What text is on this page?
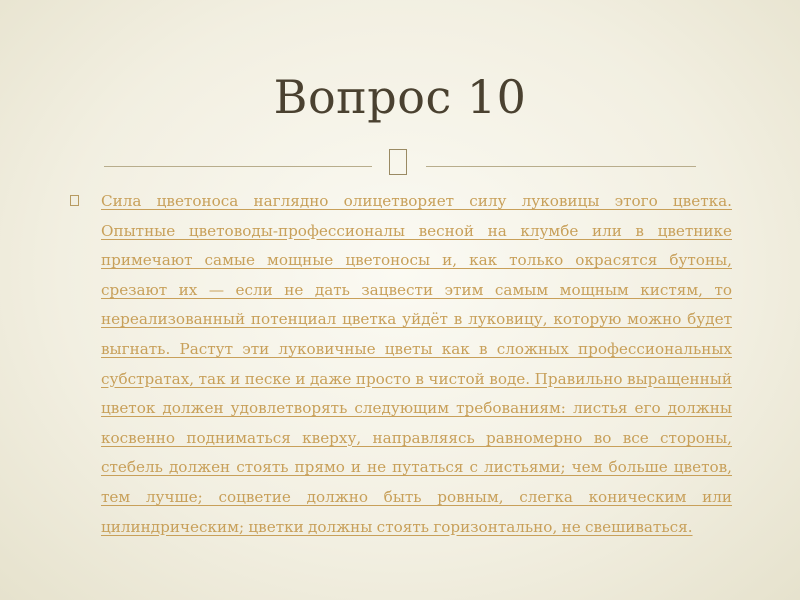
Вопрос 10

Сила цветоноса наглядно олицетворяет силу луковицы этого цветка. Опытные цветоводы-профессионалы весной на клумбе или в цветнике примечают самые мощные цветоносы и, как только окрасятся бутоны, срезают их — если не дать зацвести этим самым мощным кистям, то нереализованный потенциал цветка уйдёт в луковицу, которую можно будет выгнать. Растут эти луковичные цветы как в сложных профессиональных субстратах, так и песке и даже просто в чистой воде. Правильно выращенный цветок должен удовлетворять следующим требованиям: листья его должны косвенно подниматься кверху, направляясь равномерно во все стороны, стебель должен стоять прямо и не путаться с листьями; чем больше цветов, тем лучше; соцветие должно быть ровным, слегка коническим или цилиндрическим; цветки должны стоять горизонтально, не свешиваться.
